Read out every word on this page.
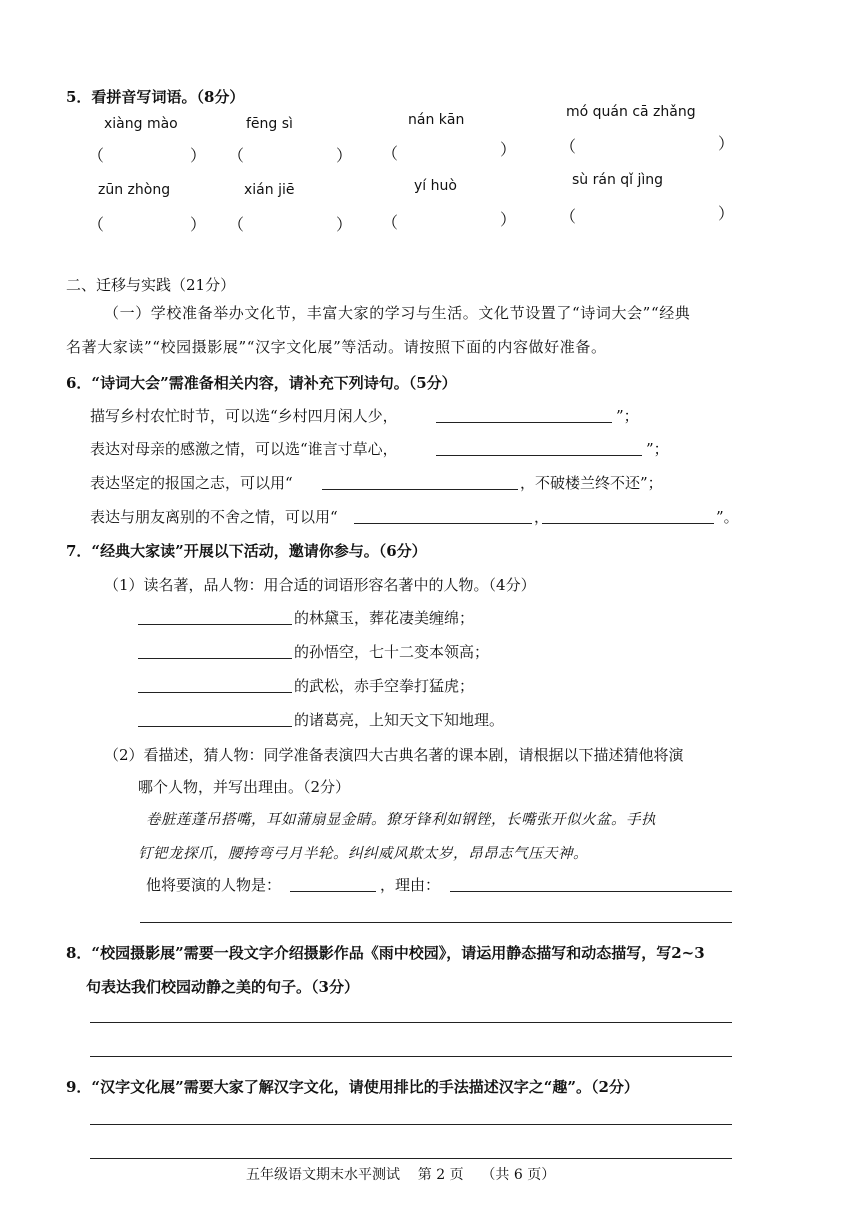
5．看拼音写词语。（8分）
xiàng mào	fēng sì	nán kān	mó quán cā zhǎng
（	） （	） （	）	（	）
zūn zhòng	xián jiē	yí huò	sù rán qǐ jìng
（	） （	） （	）	（	）
二、迁移与实践（21分）
（一）学校准备举办文化节，丰富大家的学习与生活。文化节设置了“诗词大会”“经典
名著大家读”“校园摄影展”“汉字文化展”等活动。请按照下面的内容做好准备。
6．“诗词大会”需准备相关内容，请补充下列诗句。（5分）
描写乡村农忙时节，可以选“乡村四月闲人少，	”；
表达对母亲的感激之情，可以选“谁言寸草心，	”；
表达坚定的报国之志，可以用“	，不破楼兰终不还”；
表达与朋友离别的不舍之情，可以用“	，	”。
7．“经典大家读”开展以下活动，邀请你参与。（6分）
（1）读名著，品人物：用合适的词语形容名著中的人物。（4分）
的林黛玉，葬花凄美缠绵；
的孙悟空，七十二变本领高；
的武松，赤手空拳打猛虎；
的诸葛亮，上知天文下知地理。
（2）看描述，猜人物：同学准备表演四大古典名著的课本剧，请根据以下描述猜他将演
哪个人物，并写出理由。（2分）
卷脏莲蓬吊搭嘴，耳如蒲扇显金睛。獠牙锋利如钢锉，长嘴张开似火盆。手执
钉钯龙探爪，腰挎弯弓月半轮。纠纠威风欺太岁，昂昂志气压天神。
他将要演的人物是：	，理由：
8．“校园摄影展”需要一段文字介绍摄影作品《雨中校园》，请运用静态描写和动态描写，写2~3
句表达我们校园动静之美的句子。（3分）
9．“汉字文化展”需要大家了解汉字文化，请使用排比的手法描述汉字之“趣”。（2分）
五年级语文期末水平测试    第 2 页    （共 6 页）
